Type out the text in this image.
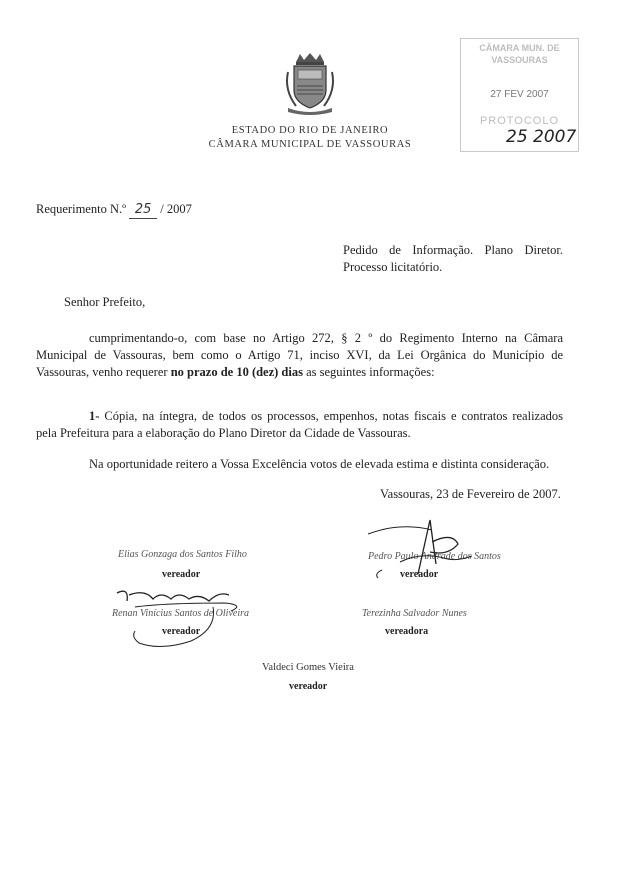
ESTADO DO RIO DE JANEIRO
CÂMARA MUNICIPAL DE VASSOURAS
CÂMARA MUN. DE
VASSOURAS
27 FEV 2007
PROTOCOLO
25 2007
Requerimento N.º 25 / 2007
Pedido de Informação. Plano Diretor.
Processo licitatório.
Senhor Prefeito,
cumprimentando-o, com base no Artigo 272, § 2 º do Regimento Interno na Câmara
Municipal de Vassouras, bem como o Artigo 71, inciso XVI, da Lei Orgânica do Município de
Vassouras, venho requerer no prazo de 10 (dez) dias as seguintes informações:
1- Cópia, na íntegra, de todos os processos, empenhos, notas fiscais e contratos realizados
pela Prefeitura para a elaboração do Plano Diretor da Cidade de Vassouras.
Na oportunidade reitero a Vossa Excelência votos de elevada estima e distinta consideração.
Vassouras, 23 de Fevereiro de 2007.
Elias Gonzaga dos Santos Filho
vereador
Pedro Paulo Andrade dos Santos
vereador
Renan Vinícius Santos de Oliveira
vereador
Terezinha Salvador Nunes
vereadora
Valdeci Gomes Vieira
vereador
